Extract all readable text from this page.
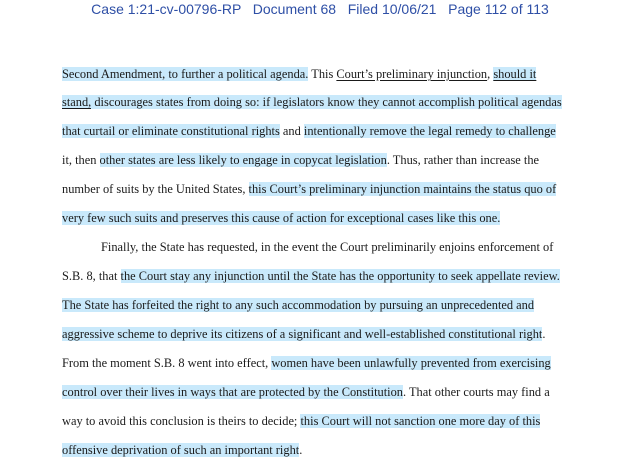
Case 1:21-cv-00796-RP Document 68 Filed 10/06/21 Page 112 of 113
Second Amendment, to further a political agenda. This Court’s preliminary injunction, should it
stand, discourages states from doing so: if legislators know they cannot accomplish political agendas
that curtail or eliminate constitutional rights and intentionally remove the legal remedy to challenge
it, then other states are less likely to engage in copycat legislation. Thus, rather than increase the
number of suits by the United States, this Court’s preliminary injunction maintains the status quo of
very few such suits and preserves this cause of action for exceptional cases like this one.
Finally, the State has requested, in the event the Court preliminarily enjoins enforcement of
S.B. 8, that the Court stay any injunction until the State has the opportunity to seek appellate review.
The State has forfeited the right to any such accommodation by pursuing an unprecedented and
aggressive scheme to deprive its citizens of a significant and well-established constitutional right.
From the moment S.B. 8 went into effect, women have been unlawfully prevented from exercising
control over their lives in ways that are protected by the Constitution. That other courts may find a
way to avoid this conclusion is theirs to decide; this Court will not sanction one more day of this
offensive deprivation of such an important right.
